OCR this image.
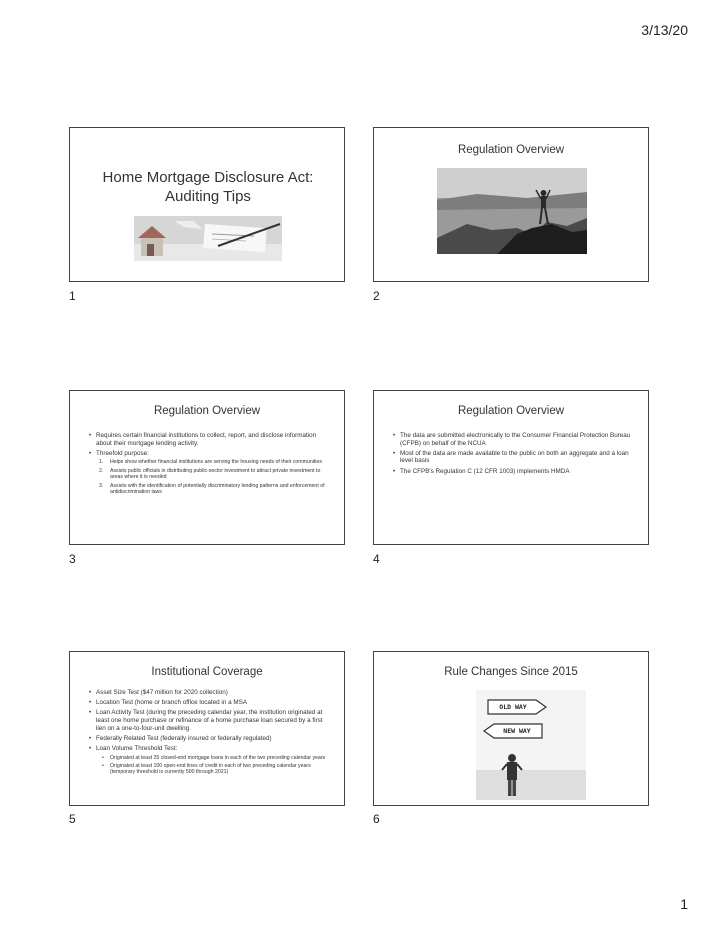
3/13/20
Home Mortgage Disclosure Act: Auditing Tips
1
Regulation Overview
2
Regulation Overview
• Requires certain financial institutions to collect, report, and disclose information about their mortgage lending activity.
• Threefold purpose:
1. Helps show whether financial institutions are serving the housing needs of their communities
2. Assists public officials in distributing public-sector investment to attract private investment to areas where it is needed
3. Assists with the identification of potentially discriminatory lending patterns and enforcement of antidiscrimination laws
3
Regulation Overview
• The data are submitted electronically to the Consumer Financial Protection Bureau (CFPB) on behalf of the NCUA
• Most of the data are made available to the public on both an aggregate and a loan level basis
• The CFPB's Regulation C (12 CFR 1003) implements HMDA
4
Institutional Coverage
• Asset Size Test ($47 million for 2020 collection)
• Location Test (home or branch office located in a MSA
• Loan Activity Test (during the preceding calendar year, the institution originated at least one home purchase or refinance of a home purchase loan secured by a first lien on a one-to-four-unit dwelling
• Federally Related Test (federally insured or federally regulated)
• Loan Volume Threshold Test:
• Originated at least 25 closed-end mortgage loans in each of the two preceding calendar years
• Originated at least 100 open-end lines of credit in each of two preceding calendar years (temporary threshold is currently 500 through 2021)
5
Rule Changes Since 2015
OLD WAY
NEW WAY
6
1
